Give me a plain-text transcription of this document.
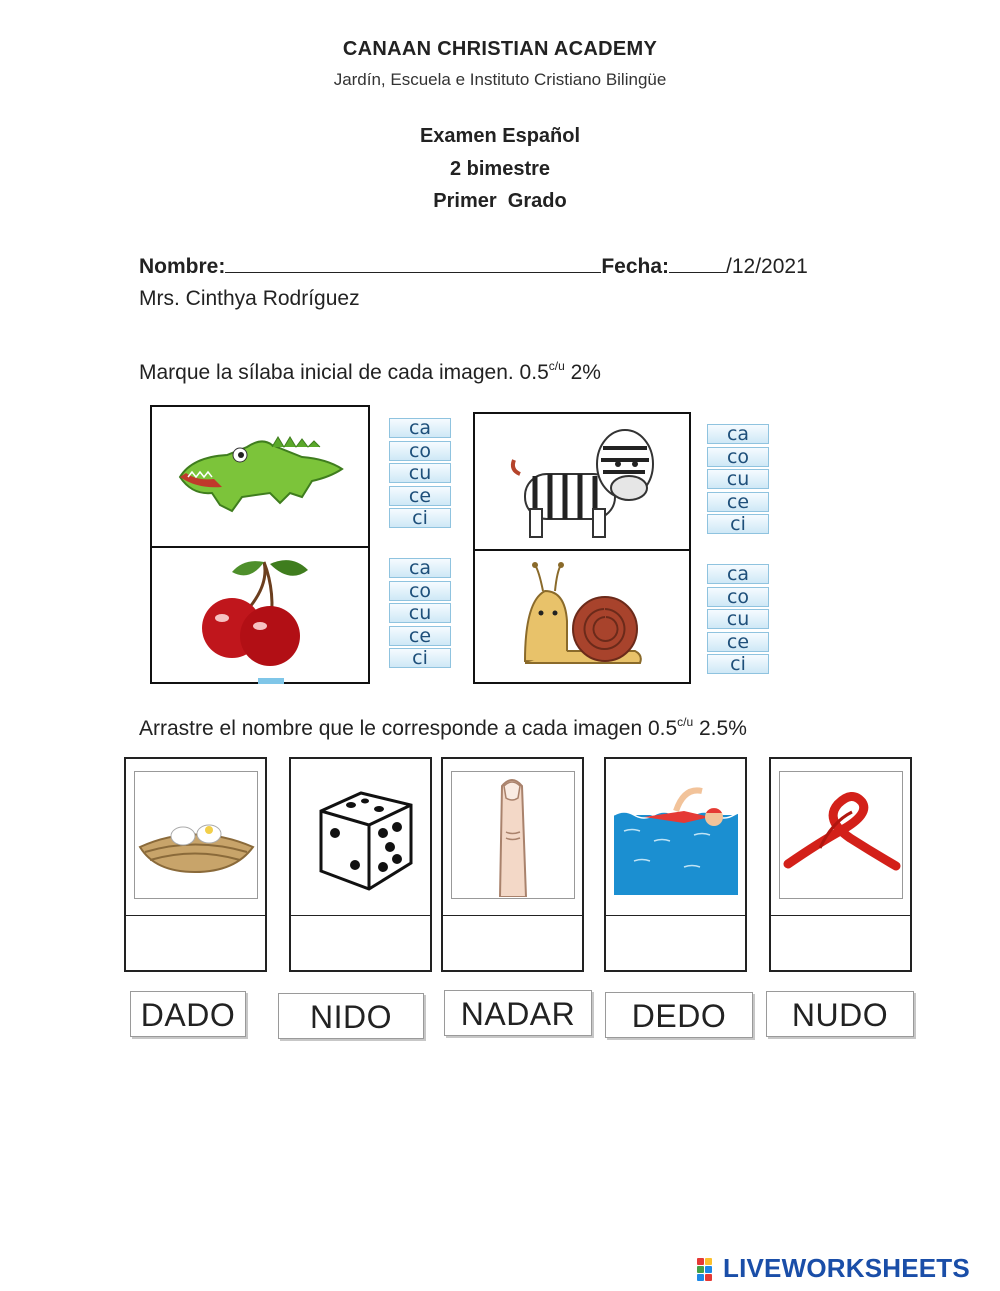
CANAAN CHRISTIAN ACADEMY
Jardín, Escuela e Instituto Cristiano Bilingüe
Examen Español
2 bimestre
Primer  Grado
Nombre:	Fecha:	/12/2021
Mrs. Cinthya Rodríguez
Marque la sílaba inicial de cada imagen. $0.5^{c/u}$ 2%
ca
co
cu
ce
ci
ca
co
cu
ce
ci
ca
co
cu
ce
ci
ca
co
cu
ce
ci
Arrastre el nombre que le corresponde a cada imagen $0.5^{c/u}$ 2.5%
DADO	NIDO	NADAR	DEDO	NUDO
LIVEWORKSHEETS
